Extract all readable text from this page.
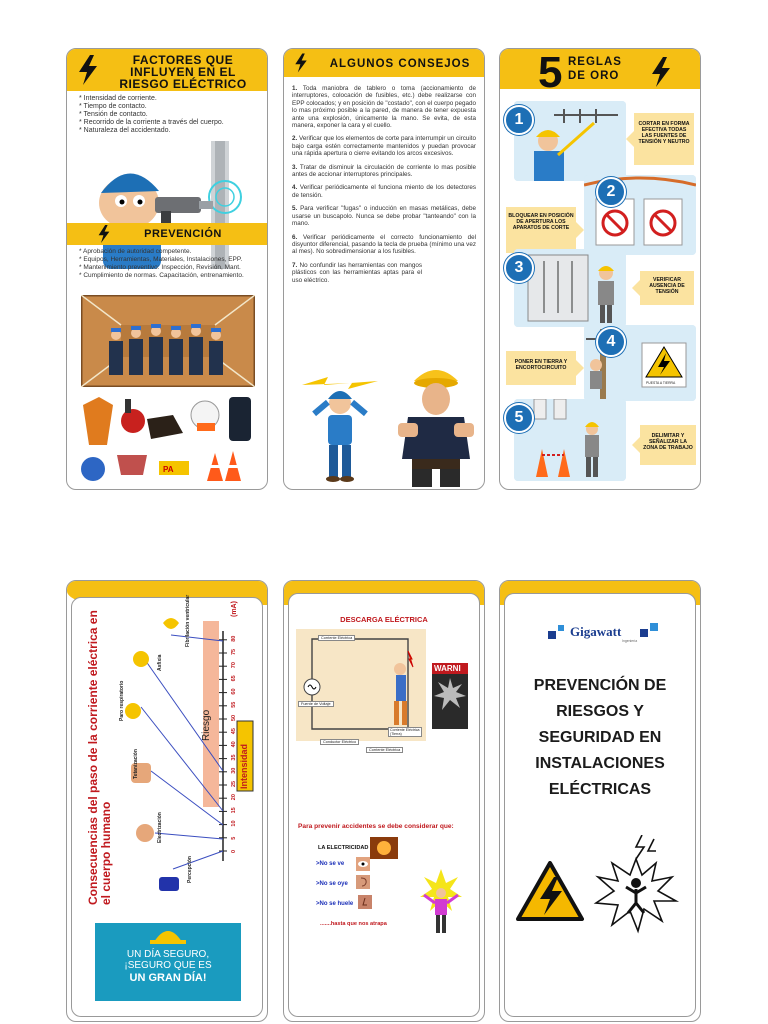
FACTORES QUE INFLUYEN EN EL RIESGO ELÉCTRICO
* Intensidad de corriente.
* Tiempo de contacto.
* Tensión de contacto.
* Recorrido de la corriente a través del cuerpo.
* Naturaleza del accidentado.
PREVENCIÓN
* Aprobación de autoridad competente.
* Equipos, Herramientas, Materiales, Instalaciones, EPP.
* Mantenimiento preventivo: Inspección, Revisión, Mant.
* Cumplimiento de normas. Capacitación, entrenamiento.
PA
ALGUNOS CONSEJOS

1. Toda maniobra de tablero o toma (accionamiento de interruptores, colocación de fusibles, etc.) debe realizarse con EPP colocados; y en posición de "costado", con el cuerpo pegado lo mas próximo posible a la pared, de manera de tener expuesta ante una explosión, únicamente la mano. Se evita, de esta manera, exponer la cara y el cuello.

2. Verificar que los elementos de corte para interrumpir un circuito bajo carga estén correctamente mantenidos y puedan provocar una rápida apertura o cierre evitando los arcos excesivos.

3. Tratar de disminuir la circulación de corriente lo mas posible antes de accionar interruptores principales.

4. Verificar periódicamente el funciona miento de los detectores de tensión.

5. Para verificar "fugas" o inducción en masas metálicas, debe usarse un buscapolo. Nunca se debe probar "tanteando" con la mano.

6. Verificar periódicamente el correcto funcionamiento del disyuntor diferencial, pasando la tecla de prueba (mínimo una vez al mes). No sobredimensionar a los fusibles.

7. No confundir las herramientas con mangos plásticos con las herramientas aptas para el uso eléctrico.

5 REGLAS DE ORO
1	CORTAR EN FORMA EFECTIVA TODAS LAS FUENTES DE TENSIÓN Y NEUTRO
2
BLOQUEAR EN POSICIÓN DE APERTURA LOS APARATOS DE CORTE
3
VERIFICAR AUSENCIA DE TENSIÓN
PUESTA A TIERRA
4
PONER EN TIERRA Y ENCORTOCIRCUITO
5
DELIMITAR Y SEÑALIZAR LA ZONA DE TRABAJO
Consecuencias del paso de la corriente eléctrica en el cuerpo humano	0
5
10
15
20
25
30
35
40
45
50
55
60
65
70
75
80
(mA)
Riesgo
Intensidad
Percepción
Electrización
Tetanización
Paro respiratorio
Asfixia
Fibrilación ventricular
UN DÍA SEGURO,
¡SEGURO QUE ES
UN GRAN DÍA!
DESCARGA ELÉCTRICA
Corriente Eléctrica
Fuente de Voltaje
Conductor Eléctrico
Corriente Eléctrica
Corriente Eléctrica (Tierra)
WARNI
Para prevenir accidentes se debe considerar que:
LA ELECTRICIDAD
>No se ve
>No se oye
>No se huele
.......hasta que nos atrapa
Gigawatt
Ingeniería
PREVENCIÓN DE
RIESGOS Y
SEGURIDAD EN
INSTALACIONES
ELÉCTRICAS
